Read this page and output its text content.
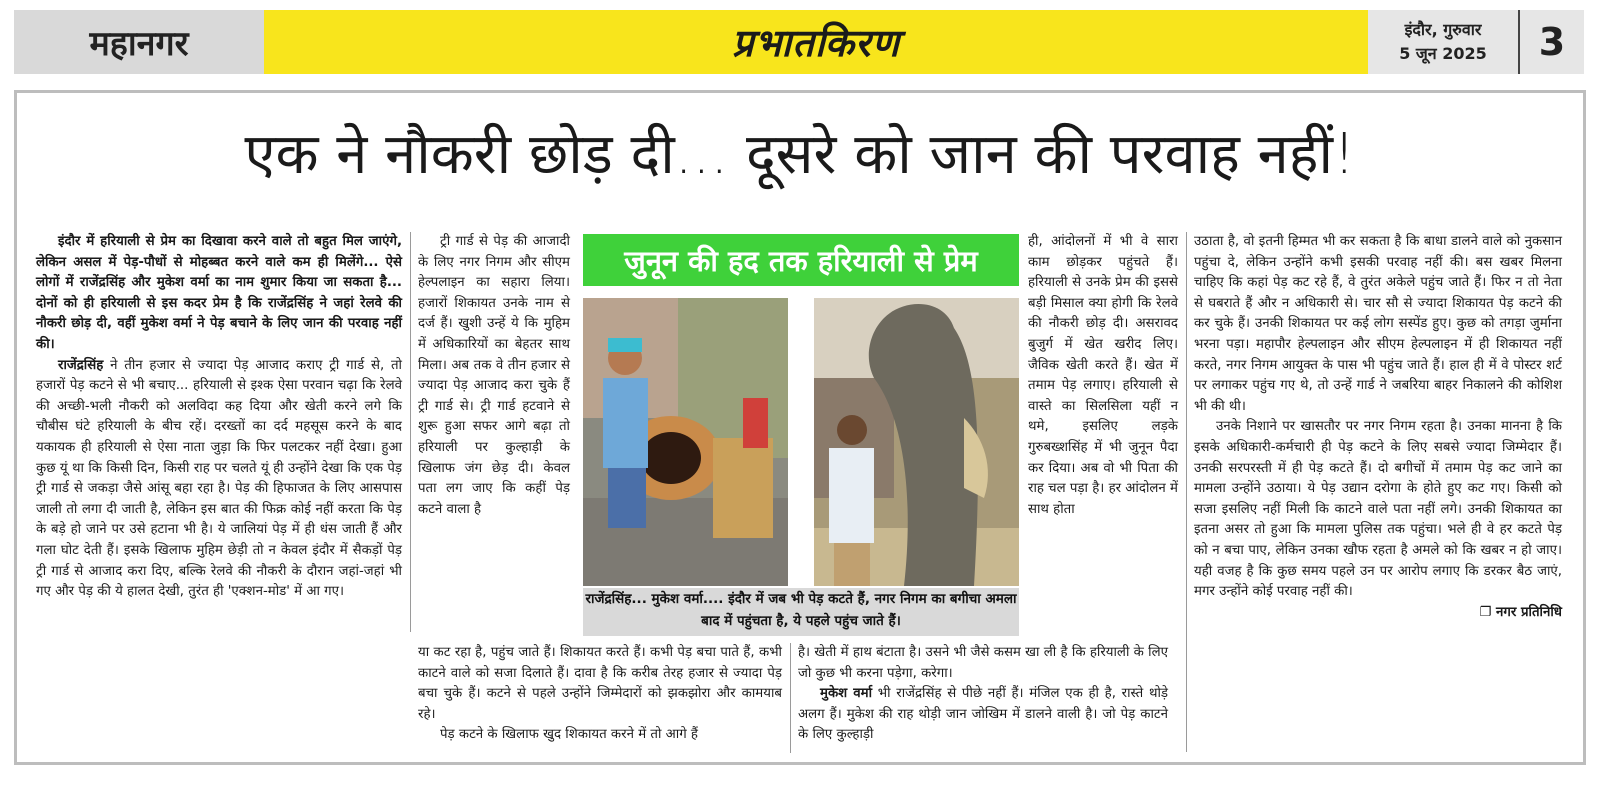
महानगर	प्रभातकिरण	इंदौर, गुरुवार
5 जून 2025	3
एक ने नौकरी छोड़ दी... दूसरे को जान की परवाह नहीं!

इंदौर में हरियाली से प्रेम का दिखावा करने वाले तो बहुत मिल जाएंगे, लेकिन असल में पेड़-पौधों से मोहब्बत करने वाले कम ही मिलेंगे... ऐसे लोगों में राजेंद्रसिंह और मुकेश वर्मा का नाम शुमार किया जा सकता है... दोनों को ही हरियाली से इस कदर प्रेम है कि राजेंद्रसिंह ने जहां रेलवे की नौकरी छोड़ दी, वहीं मुकेश वर्मा ने पेड़ बचाने के लिए जान की परवाह नहीं की।

राजेंद्रसिंह ने तीन हजार से ज्यादा पेड़ आजाद कराए ट्री गार्ड से, तो हजारों पेड़ कटने से भी बचाए... हरियाली से इश्क ऐसा परवान चढ़ा कि रेलवे की अच्छी-भली नौकरी को अलविदा कह दिया और खेती करने लगे कि चौबीस घंटे हरियाली के बीच रहें। दरख्तों का दर्द महसूस करने के बाद यकायक ही हरियाली से ऐसा नाता जुड़ा कि फिर पलटकर नहीं देखा। हुआ कुछ यूं था कि किसी दिन, किसी राह पर चलते यूं ही उन्होंने देखा कि एक पेड़ ट्री गार्ड से जकड़ा जैसे आंसू बहा रहा है। पेड़ की हिफाजत के लिए आसपास जाली तो लगा दी जाती है, लेकिन इस बात की फिक्र कोई नहीं करता कि पेड़ के बड़े हो जाने पर उसे हटाना भी है। ये जालियां पेड़ में ही धंस जाती हैं और गला घोट देती हैं। इसके खिलाफ मुहिम छेड़ी तो न केवल इंदौर में सैकड़ों पेड़ ट्री गार्ड से आजाद करा दिए, बल्कि रेलवे की नौकरी के दौरान जहां-जहां भी गए और पेड़ की ये हालत देखी, तुरंत ही 'एक्शन-मोड' में आ गए।

ट्री गार्ड से पेड़ की आजादी के लिए नगर निगम और सीएम हेल्पलाइन का सहारा लिया। हजारों शिकायत उनके नाम से दर्ज हैं। खुशी उन्हें ये कि मुहिम में अधिकारियों का बेहतर साथ मिला। अब तक वे तीन हजार से ज्यादा पेड़ आजाद करा चुके हैं ट्री गार्ड से। ट्री गार्ड हटवाने से शुरू हुआ सफर आगे बढ़ा तो हरियाली पर कुल्हाड़ी के खिलाफ जंग छेड़ दी। केवल पता लग जाए कि कहीं पेड़ कटने वाला है

जुनून की हद तक हरियाली से प्रेम
राजेंद्रसिंह... मुकेश वर्मा.... इंदौर में जब भी पेड़ कटते हैं, नगर निगम का बगीचा अमला बाद में पहुंचता है, ये पहले पहुंच जाते हैं।

या कट रहा है, पहुंच जाते हैं। शिकायत करते हैं। कभी पेड़ बचा पाते हैं, कभी काटने वाले को सजा दिलाते हैं। दावा है कि करीब तेरह हजार से ज्यादा पेड़ बचा चुके हैं। कटने से पहले उन्होंने जिम्मेदारों को झकझोरा और कामयाब रहे।

पेड़ कटने के खिलाफ खुद शिकायत करने में तो आगे हैं

ही, आंदोलनों में भी वे सारा काम छोड़कर पहुंचते हैं। हरियाली से उनके प्रेम की इससे बड़ी मिसाल क्या होगी कि रेलवे की नौकरी छोड़ दी। असरावद बुजुर्ग में खेत खरीद लिए। जैविक खेती करते हैं। खेत में तमाम पेड़ लगाए। हरियाली से वास्ते का सिलसिला यहीं न थमे, इसलिए लड़के गुरुबख्शसिंह में भी जुनून पैदा कर दिया। अब वो भी पिता की राह चल पड़ा है। हर आंदोलन में साथ होता

है। खेती में हाथ बंटाता है। उसने भी जैसे कसम खा ली है कि हरियाली के लिए जो कुछ भी करना पड़ेगा, करेगा।

मुकेश वर्मा भी राजेंद्रसिंह से पीछे नहीं हैं। मंजिल एक ही है, रास्ते थोड़े अलग हैं। मुकेश की राह थोड़ी जान जोखिम में डालने वाली है। जो पेड़ काटने के लिए कुल्हाड़ी

उठाता है, वो इतनी हिम्मत भी कर सकता है कि बाधा डालने वाले को नुकसान पहुंचा दे, लेकिन उन्होंने कभी इसकी परवाह नहीं की। बस खबर मिलना चाहिए कि कहां पेड़ कट रहे हैं, वे तुरंत अकेले पहुंच जाते हैं। फिर न तो नेता से घबराते हैं और न अधिकारी से। चार सौ से ज्यादा शिकायत पेड़ कटने की कर चुके हैं। उनकी शिकायत पर कई लोग सस्पेंड हुए। कुछ को तगड़ा जुर्माना भरना पड़ा। महापौर हेल्पलाइन और सीएम हेल्पलाइन में ही शिकायत नहीं करते, नगर निगम आयुक्त के पास भी पहुंच जाते हैं। हाल ही में वे पोस्टर शर्ट पर लगाकर पहुंच गए थे, तो उन्हें गार्ड ने जबरिया बाहर निकालने की कोशिश भी की थी।

उनके निशाने पर खासतौर पर नगर निगम रहता है। उनका मानना है कि इसके अधिकारी-कर्मचारी ही पेड़ कटने के लिए सबसे ज्यादा जिम्मेदार हैं। उनकी सरपरस्ती में ही पेड़ कटते हैं। दो बगीचों में तमाम पेड़ कट जाने का मामला उन्होंने उठाया। ये पेड़ उद्यान दरोगा के होते हुए कट गए। किसी को सजा इसलिए नहीं मिली कि काटने वाले पता नहीं लगे। उनकी शिकायत का इतना असर तो हुआ कि मामला पुलिस तक पहुंचा। भले ही वे हर कटते पेड़ को न बचा पाए, लेकिन उनका खौफ रहता है अमले को कि खबर न हो जाए। यही वजह है कि कुछ समय पहले उन पर आरोप लगाए कि डरकर बैठ जाएं, मगर उन्होंने कोई परवाह नहीं की।

❐ नगर प्रतिनिधि
